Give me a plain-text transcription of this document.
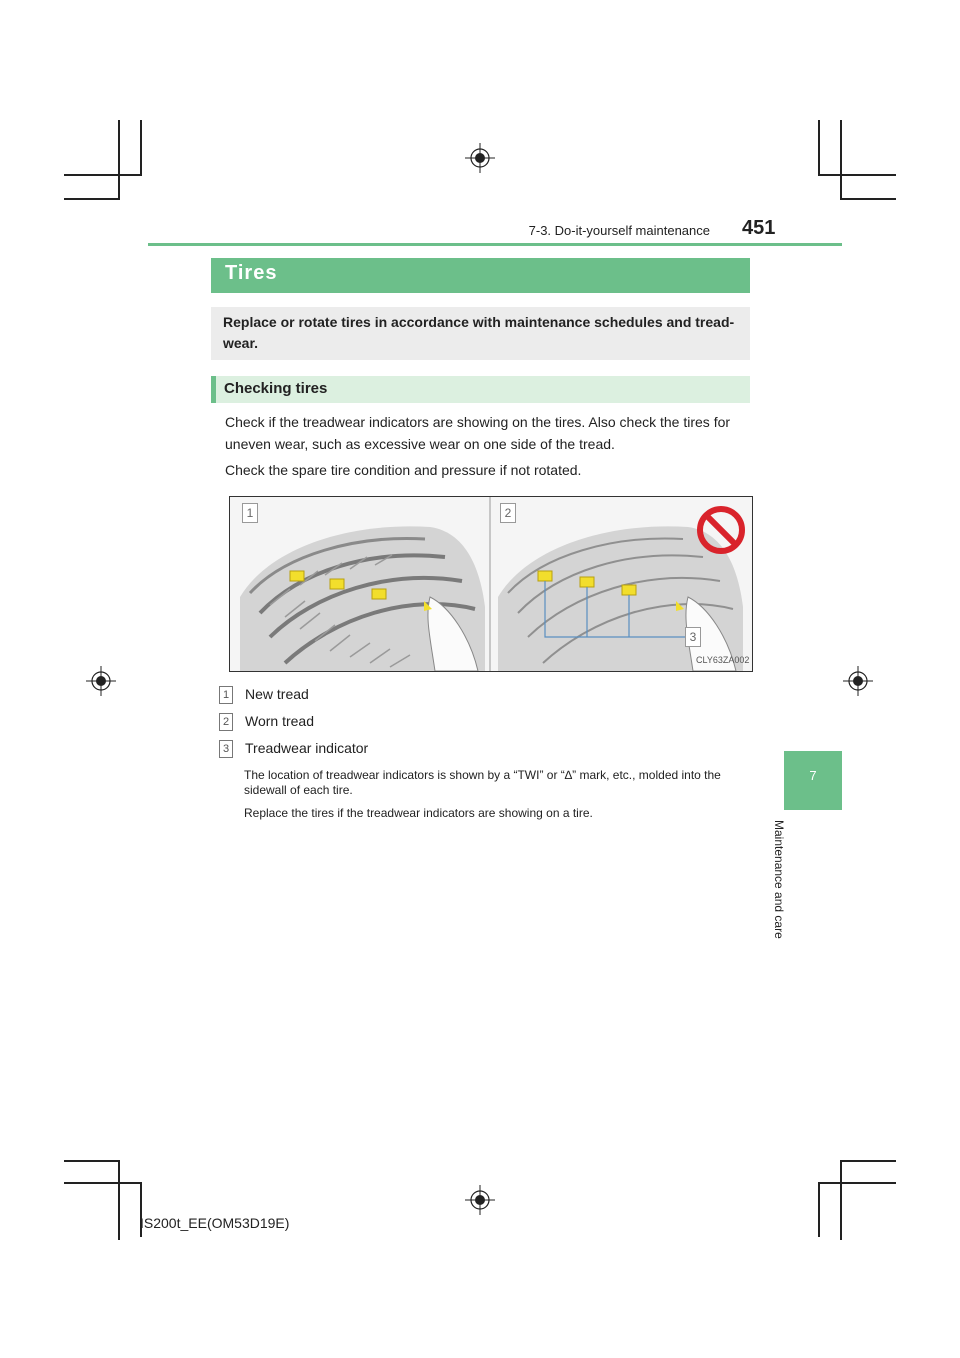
7-3. Do-it-yourself maintenance 451
7
Maintenance and care
Tires
Replace or rotate tires in accordance with maintenance schedules and tread-wear.
Checking tires
Check if the treadwear indicators are showing on the tires. Also check the tires for uneven wear, such as excessive wear on one side of the tread.
Check the spare tire condition and pressure if not rotated.
1	2
3
CLY63ZA002
1 New tread
2 Worn tread
3 Treadwear indicator
The location of treadwear indicators is shown by a “TWI” or “∆” mark, etc., molded into the sidewall of each tire.
Replace the tires if the treadwear indicators are showing on a tire.
IS200t_EE(OM53D19E)
